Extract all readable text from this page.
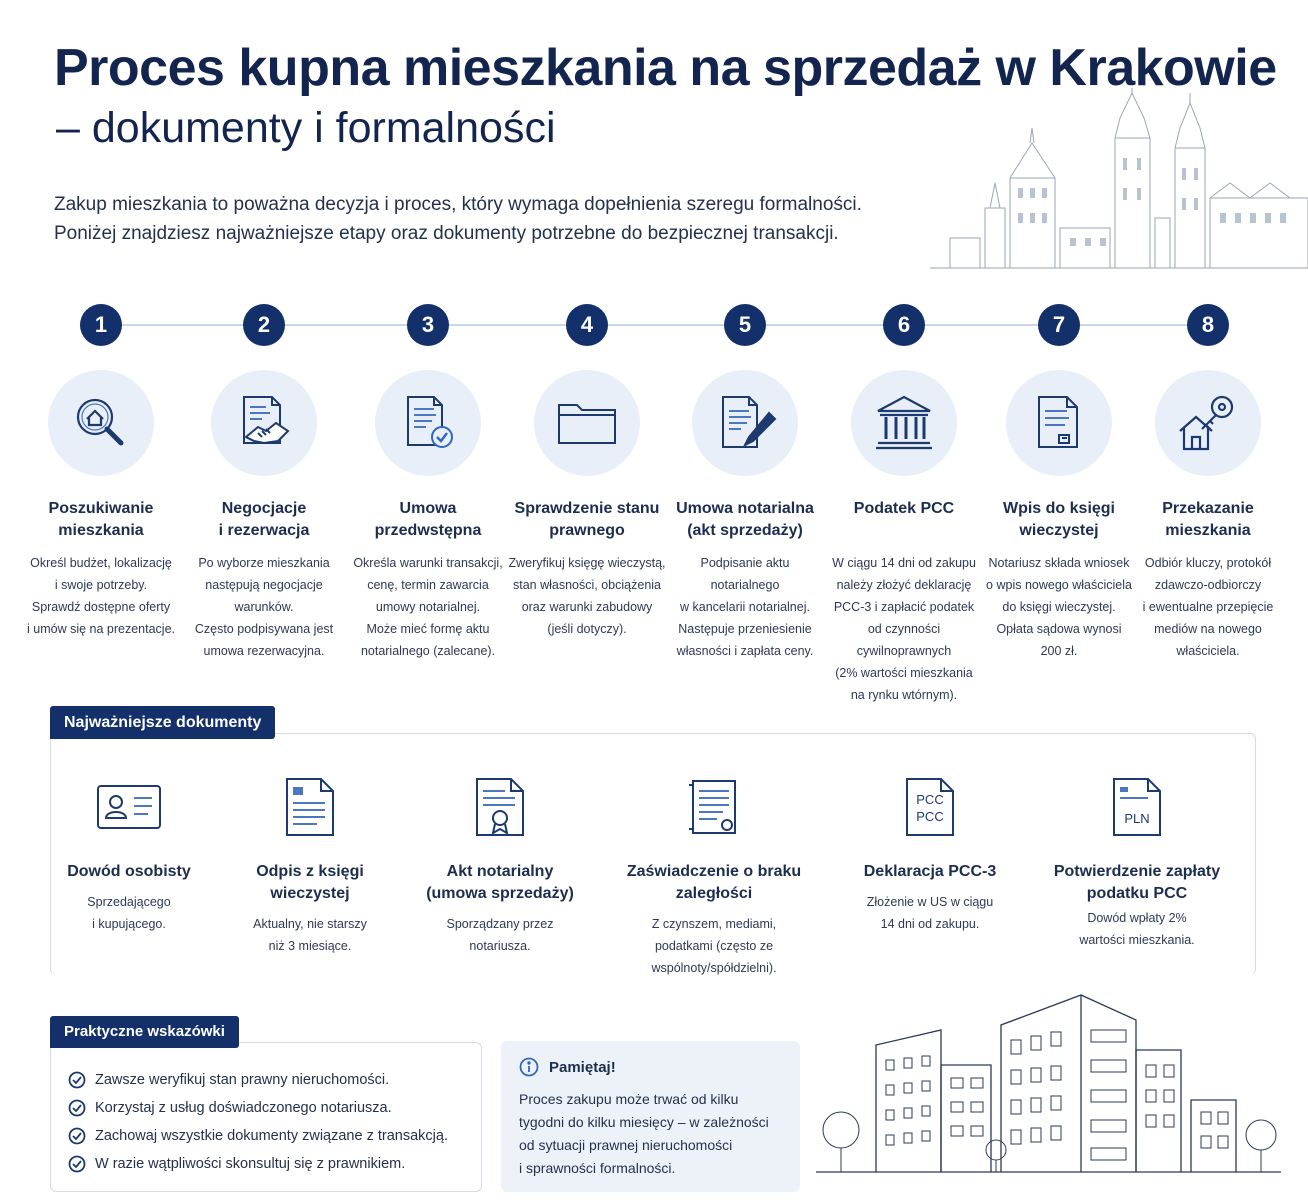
Proces kupna mieszkania na sprzedaż w Krakowie
– dokumenty i formalności
Zakup mieszkania to poważna decyzja i proces, który wymaga dopełnienia szeregu formalności.
Poniżej znajdziesz najważniejsze etapy oraz dokumenty potrzebne do bezpiecznej transakcji.
1
Poszukiwanie
mieszkania
Określ budżet, lokalizację
i swoje potrzeby.
Sprawdź dostępne oferty
i umów się na prezentacje.
2
Negocjacje
i rezerwacja
Po wyborze mieszkania
następują negocjacje
warunków.
Często podpisywana jest
umowa rezerwacyjna.
3
Umowa
przedwstępna
Określa warunki transakcji,
cenę, termin zawarcia
umowy notarialnej.
Może mieć formę aktu
notarialnego (zalecane).
4
Sprawdzenie stanu
prawnego
Zweryfikuj księgę wieczystą,
stan własności, obciążenia
oraz warunki zabudowy
(jeśli dotyczy).
5
Umowa notarialna
(akt sprzedaży)
Podpisanie aktu notarialnego
w kancelarii notarialnej.
Następuje przeniesienie
własności i zapłata ceny.
6
Podatek PCC
W ciągu 14 dni od zakupu
należy złożyć deklarację
PCC-3 i zapłacić podatek
od czynności cywilnoprawnych
(2% wartości mieszkania
na rynku wtórnym).
7
Wpis do księgi
wieczystej
Notariusz składa wniosek
o wpis nowego właściciela
do księgi wieczystej.
Opłata sądowa wynosi
200 zł.
8
Przekazanie
mieszkania
Odbiór kluczy, protokół
zdawczo-odbiorczy
i ewentualne przepięcie
mediów na nowego
właściciela.
Najważniejsze dokumenty
Dowód osobisty
Sprzedającego
i kupującego.
Odpis z księgi
wieczystej
Aktualny, nie starszy
niż 3 miesiące.
Akt notarialny
(umowa sprzedaży)
Sporządzany przez
notariusza.
Zaświadczenie o braku
zaległości
Z czynszem, mediami,
podatkami (często ze
wspólnoty/spółdzielni).
PCC
PCC
Deklaracja PCC-3
Złożenie w US w ciągu
14 dni od zakupu.
PLN
Potwierdzenie zapłaty
podatku PCC
Dowód wpłaty 2%
wartości mieszkania.
Praktyczne wskazówki
Zawsze weryfikuj stan prawny nieruchomości.
Korzystaj z usług doświadczonego notariusza.
Zachowaj wszystkie dokumenty związane z transakcją.
W razie wątpliwości skonsultuj się z prawnikiem.
Pamiętaj!
Proces zakupu może trwać od kilku
tygodni do kilku miesięcy – w zależności
od sytuacji prawnej nieruchomości
i sprawności formalności.
